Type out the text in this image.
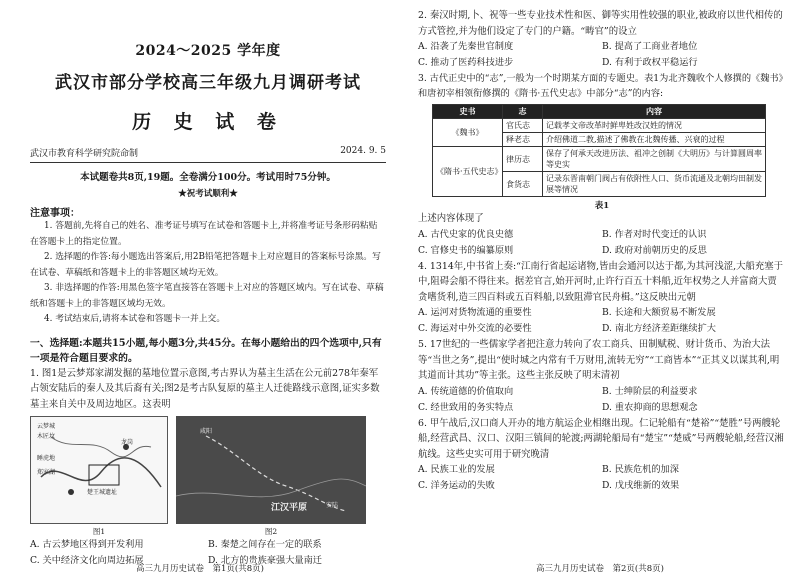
2024～2025 学年度
武汉市部分学校高三年级九月调研考试
历 史 试 卷
武汉市教育科学研究院命制	2024. 9. 5
本试题卷共8页,19题。全卷满分100分。考试用时75分钟。
★祝考试顺利★
注意事项：

1. 答题前,先将自己的姓名、准考证号填写在试卷和答题卡上,并将准考证号条形码粘贴在答题卡上的指定位置。

2. 选择题的作答:每小题选出答案后,用2B铅笔把答题卡上对应题目的答案标号涂黑。写在试卷、草稿纸和答题卡上的非答题区域均无效。

3. 非选择题的作答:用黑色签字笔直接答在答题卡上对应的答题区域内。写在试卷、草稿纸和答题卡上的非答题区域均无效。

4. 考试结束后,请将本试卷和答题卡一并上交。

一、选择题:本题共15小题,每小题3分,共45分。在每小题给出的四个选项中,只有一项是符合题目要求的。
1. 图1是云梦郑家湖发掘的墓地位置示意图,考古界认为墓主生活在公元前278年秦军占领安陆后的秦人及其后裔有关;图2是考古队复原的墓主人迁徙路线示意图,证实多数墓主来自关中及周边地区。这表明
云梦城
木匠坟
睡虎地
郑家湖
龙岗
楚王城遗址
图1
咸阳
安陆
江汉平原
图2
A. 古云梦地区得到开发利用	B. 秦楚之间存在一定的联系
C. 关中经济文化向周边拓展	D. 北方的贵族豪强大量南迁
高三九月历史试卷　第1页(共8页)
2. 秦汉时期,卜、祝等一些专业技术性和医、御等实用性较强的职业,被政府以世代相传的方式管控,并为他们设定了专门的户籍。“畴官”的设立
A. 沿袭了先秦世官制度	B. 提高了工商业者地位
C. 推动了医药科技进步	D. 有利于政权平稳运行
3. 古代正史中的“志”,一般为一个时期某方面的专题史。表1为北齐魏收个人修撰的《魏书》和唐初宰相领衔修撰的《隋书·五代史志》中部分“志”的内容:
史书	志	内容
《魏书》	官氏志	记载孝文帝改革时鲜卑姓改汉姓的情况
	释老志	介绍佛道二教,描述了佛教在北魏传播、兴衰的过程
《隋书·五代史志》	律历志	保存了何承天改进历法、祖冲之创制《大明历》与计算圆周率等史实
	食货志	记录东晋南朝门阀占有依附性人口、货币流通及北朝均田制发展等情况
表1
上述内容体现了
A. 古代史家的优良史德	B. 作者对时代变迁的认识
C. 官修史书的编纂原则	D. 政府对前朝历史的反思
4. 1314年,中书省上奏:“江南行省起运诸物,皆由会通河以达于都,为其河浅涩,大船充塞于中,阻碍会船不得往来。据差官言,始开河时,止许行百五十料船,近年权势之人并富商大贾贪嗜货利,造三四百料或五百料船,以致阻滞官民舟楫。”这反映出元朝
A. 运河对货物流通的重要性	B. 长途和大额贸易不断发展
C. 海运对中外交流的必要性	D. 南北方经济差距继续扩大
5. 17世纪的一些儒家学者把注意力转向了农工商兵、田制赋税、财计货币、为治大法等“当世之务”,提出“使时城之内常有千万财用,流转无穷”“工商皆本”“正其义以谋其利,明其道而计其功”等主张。这些主张反映了明末清初
A. 传统道德的价值取向	B. 士绅阶层的利益要求
C. 经世致用的务实特点	D. 重农抑商的思想观念
6. 甲午战后,汉口商人开办的地方航运企业相继出现。仁记轮船有“楚裕”“楚胜”号两艘轮船,经营武昌、汉口、汉阳三镇间的轮渡;两湖轮船局有“楚宝”“楚威”号两艘轮船,经营汉湘航线。这些史实可用于研究晚清
A. 民族工业的发展	B. 民族危机的加深
C. 洋务运动的失败	D. 戊戌维新的效果
高三九月历史试卷　第2页(共8页)
